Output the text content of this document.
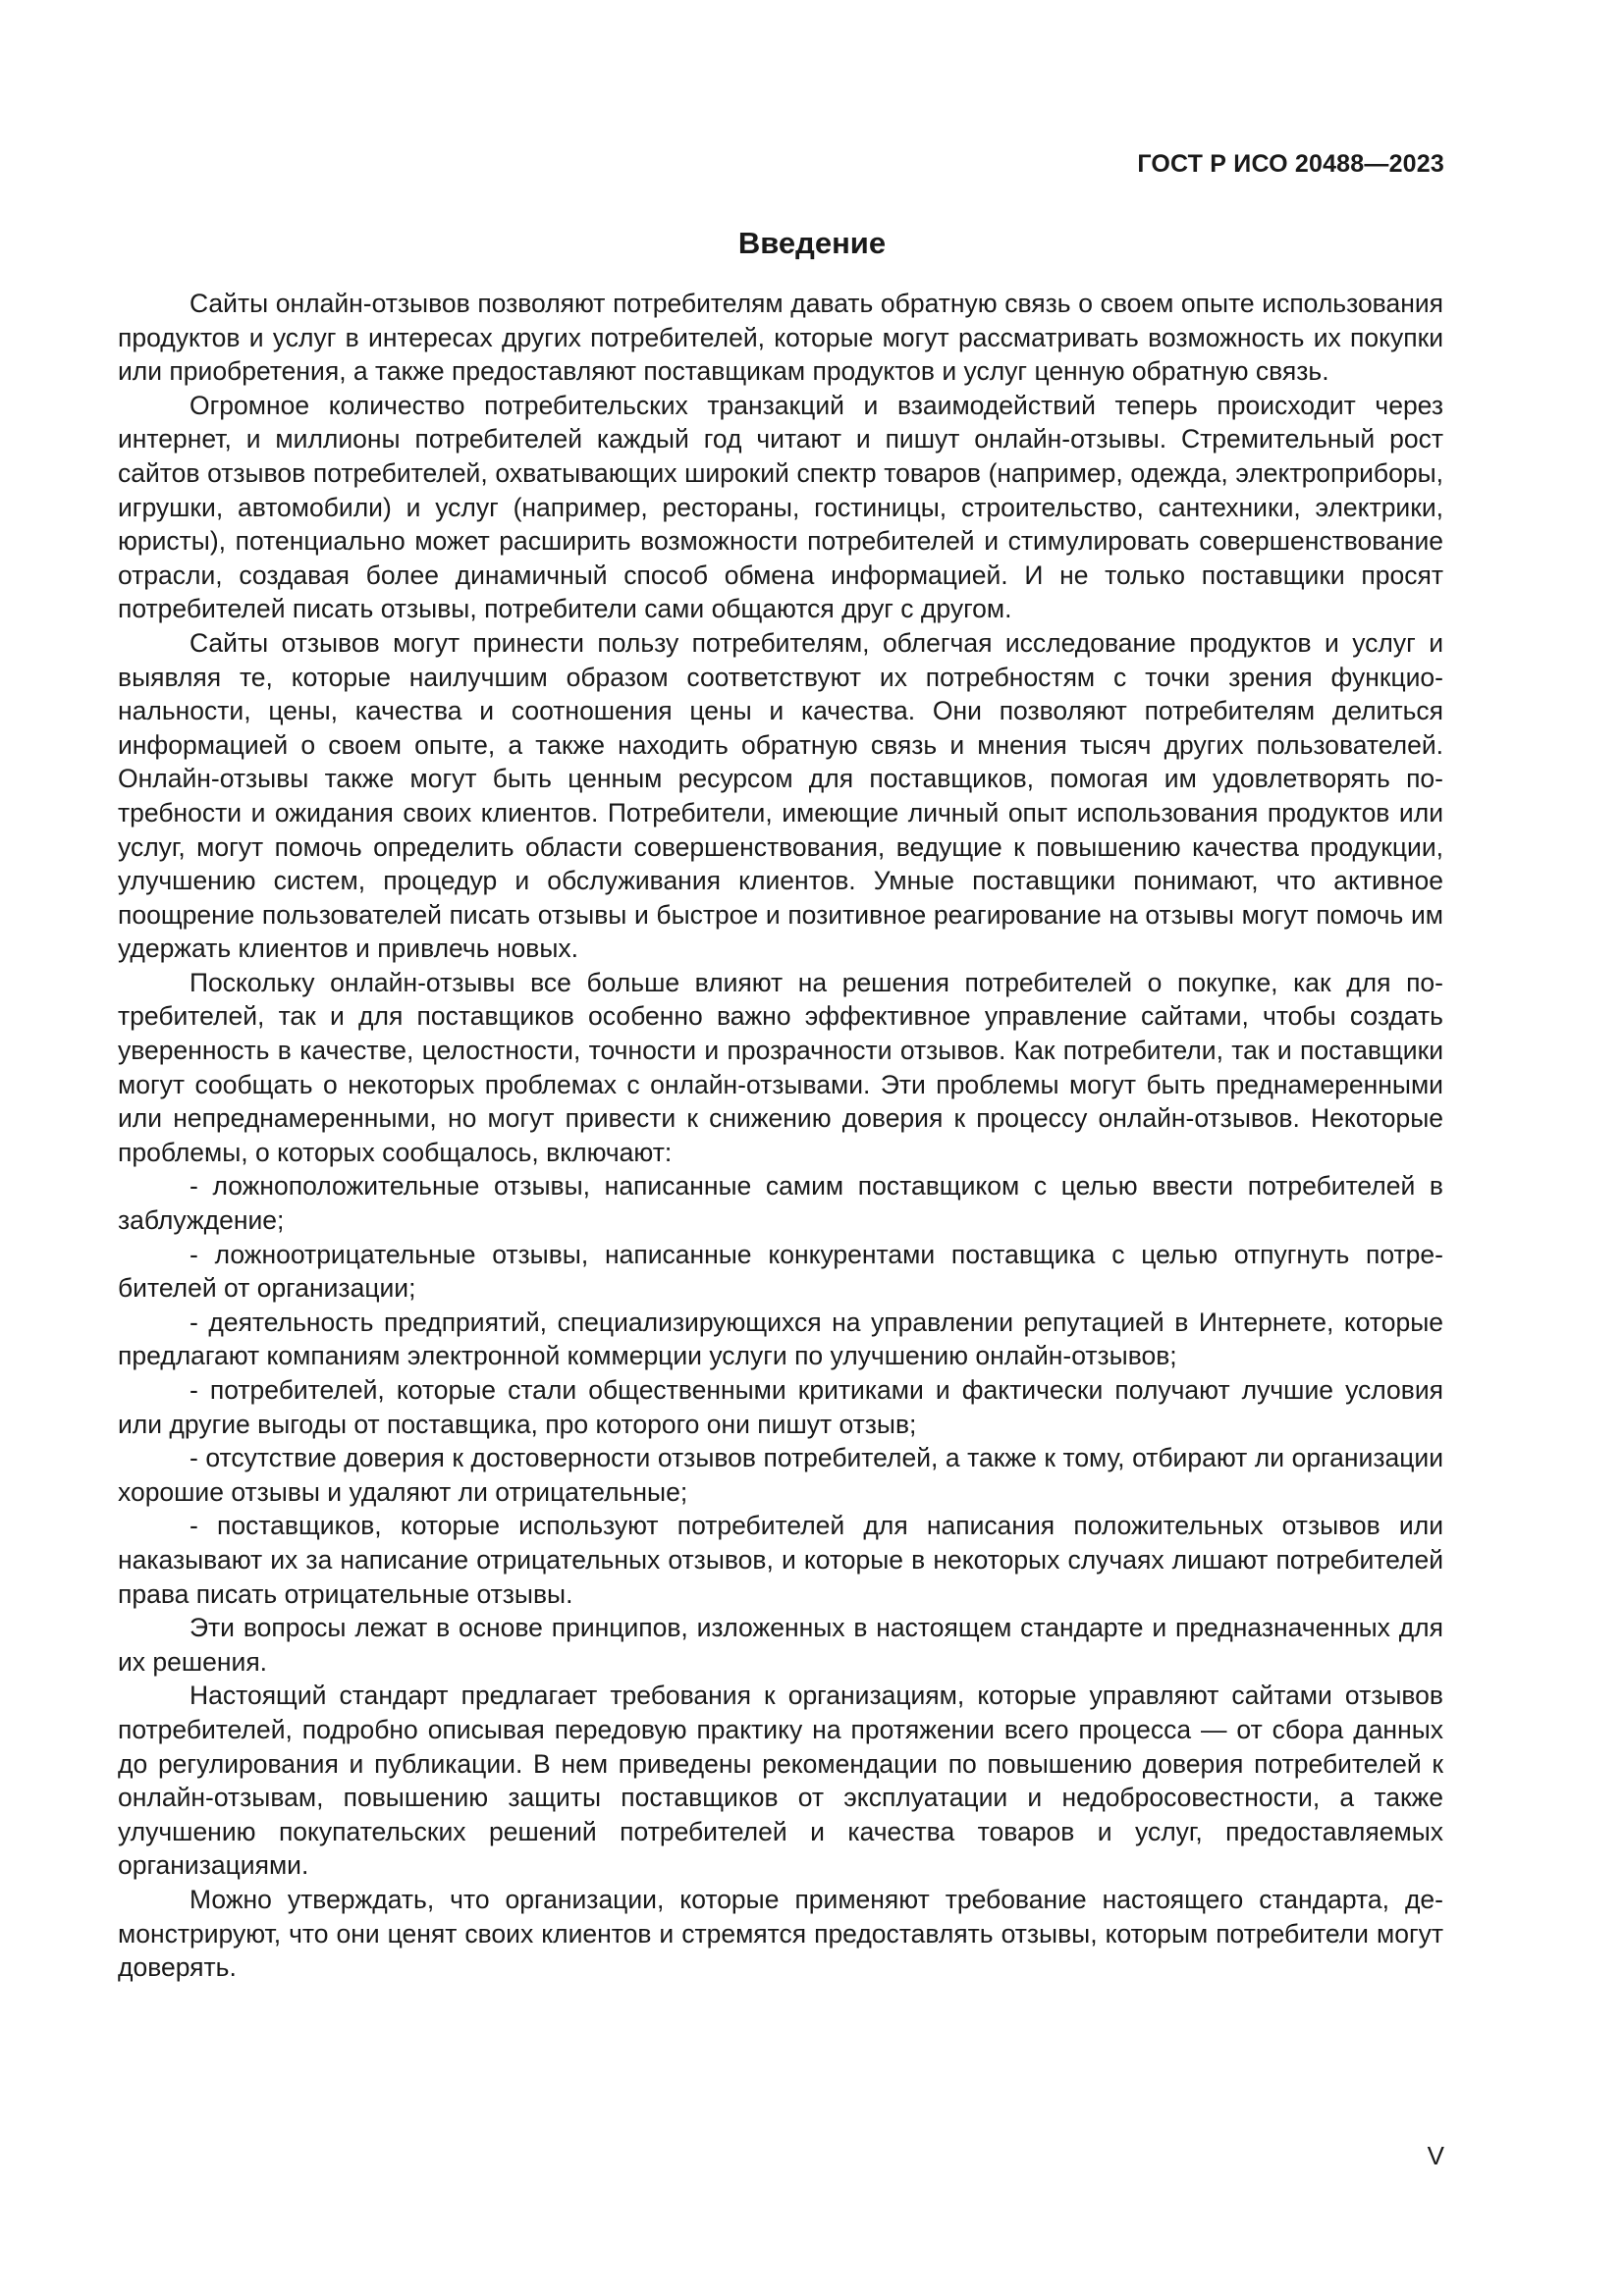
ГОСТ Р ИСО 20488—2023
Введение

Сайты онлайн-отзывов позволяют потребителям давать обратную связь о своем опыте использования продуктов и услуг в интересах других потребителей, которые могут рассматривать возможность их покупки или приобретения, а также предоставляют поставщикам продуктов и услуг ценную обратную связь.

Огромное количество потребительских транзакций и взаимодействий теперь происходит через интернет, и миллионы потребителей каждый год читают и пишут онлайн-отзывы. Стремительный рост сайтов отзывов потребителей, охватывающих широкий спектр товаров (например, одежда, электроприборы, игрушки, автомобили) и услуг (например, рестораны, гостиницы, строительство, сантехники, электрики, юристы), потенциально может расширить возможности потребителей и стимулировать совершенствование отрасли, создавая более динамичный способ обмена информацией. И не только поставщики просят потребителей писать отзывы, потребители сами общаются друг с другом.

Сайты отзывов могут принести пользу потребителям, облегчая исследование продуктов и услуг и выявляя те, которые наилучшим образом соответствуют их потребностям с точки зрения функциональности, цены, качества и соотношения цены и качества. Они позволяют потребителям делиться информацией о своем опыте, а также находить обратную связь и мнения тысяч других пользователей. Онлайн-отзывы также могут быть ценным ресурсом для поставщиков, помогая им удовлетворять потребности и ожидания своих клиентов. Потребители, имеющие личный опыт использования продуктов или услуг, могут помочь определить области совершенствования, ведущие к повышению качества продукции, улучшению систем, процедур и обслуживания клиентов. Умные поставщики понимают, что активное поощрение пользователей писать отзывы и быстрое и позитивное реагирование на отзывы могут помочь им удержать клиентов и привлечь новых.

Поскольку онлайн-отзывы все больше влияют на решения потребителей о покупке, как для потребителей, так и для поставщиков особенно важно эффективное управление сайтами, чтобы создать уверенность в качестве, целостности, точности и прозрачности отзывов. Как потребители, так и поставщики могут сообщать о некоторых проблемах с онлайн-отзывами. Эти проблемы могут быть преднамеренными или непреднамеренными, но могут привести к снижению доверия к процессу онлайн-отзывов. Некоторые проблемы, о которых сообщалось, включают:

- ложноположительные отзывы, написанные самим поставщиком с целью ввести потребителей в заблуждение;

- ложноотрицательные отзывы, написанные конкурентами поставщика с целью отпугнуть потребителей от организации;

- деятельность предприятий, специализирующихся на управлении репутацией в Интернете, которые предлагают компаниям электронной коммерции услуги по улучшению онлайн-отзывов;

- потребителей, которые стали общественными критиками и фактически получают лучшие условия или другие выгоды от поставщика, про которого они пишут отзыв;

- отсутствие доверия к достоверности отзывов потребителей, а также к тому, отбирают ли организации хорошие отзывы и удаляют ли отрицательные;

- поставщиков, которые используют потребителей для написания положительных отзывов или наказывают их за написание отрицательных отзывов, и которые в некоторых случаях лишают потребителей права писать отрицательные отзывы.

Эти вопросы лежат в основе принципов, изложенных в настоящем стандарте и предназначенных для их решения.

Настоящий стандарт предлагает требования к организациям, которые управляют сайтами отзывов потребителей, подробно описывая передовую практику на протяжении всего процесса — от сбора данных до регулирования и публикации. В нем приведены рекомендации по повышению доверия потребителей к онлайн-отзывам, повышению защиты поставщиков от эксплуатации и недобросовестности, а также улучшению покупательских решений потребителей и качества товаров и услуг, предоставляемых организациями.

Можно утверждать, что организации, которые применяют требование настоящего стандарта, демонстрируют, что они ценят своих клиентов и стремятся предоставлять отзывы, которым потребители могут доверять.

V
